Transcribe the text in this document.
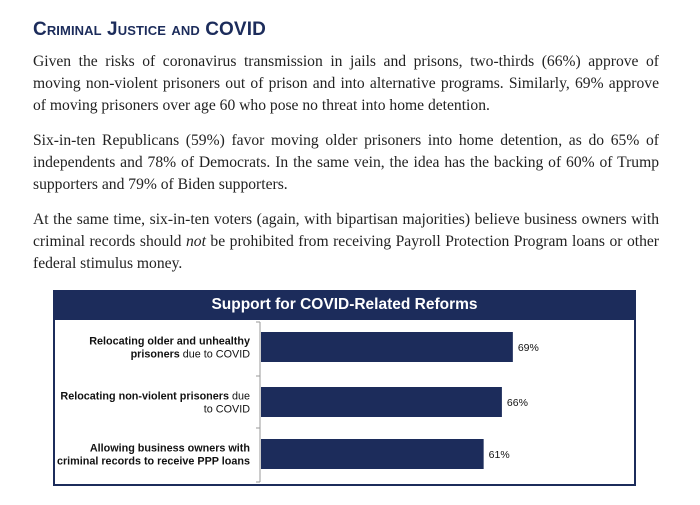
Criminal Justice and COVID

Given the risks of coronavirus transmission in jails and prisons, two-thirds (66%) approve of moving non-violent prisoners out of prison and into alternative programs. Similarly, 69% approve of moving prisoners over age 60 who pose no threat into home detention.

Six-in-ten Republicans (59%) favor moving older prisoners into home detention, as do 65% of independents and 78% of Democrats. In the same vein, the idea has the backing of 60% of Trump supporters and 79% of Biden supporters.

At the same time, six-in-ten voters (again, with bipartisan majorities) believe business owners with criminal records should not be prohibited from receiving Payroll Protection Program loans or other federal stimulus money.

Support for COVID-Related Reforms
69%
Relocating older and unhealthy
prisoners due to COVID
66%
Relocating non-violent prisoners due
to COVID
61%
Allowing business owners with
criminal records to receive PPP loans
